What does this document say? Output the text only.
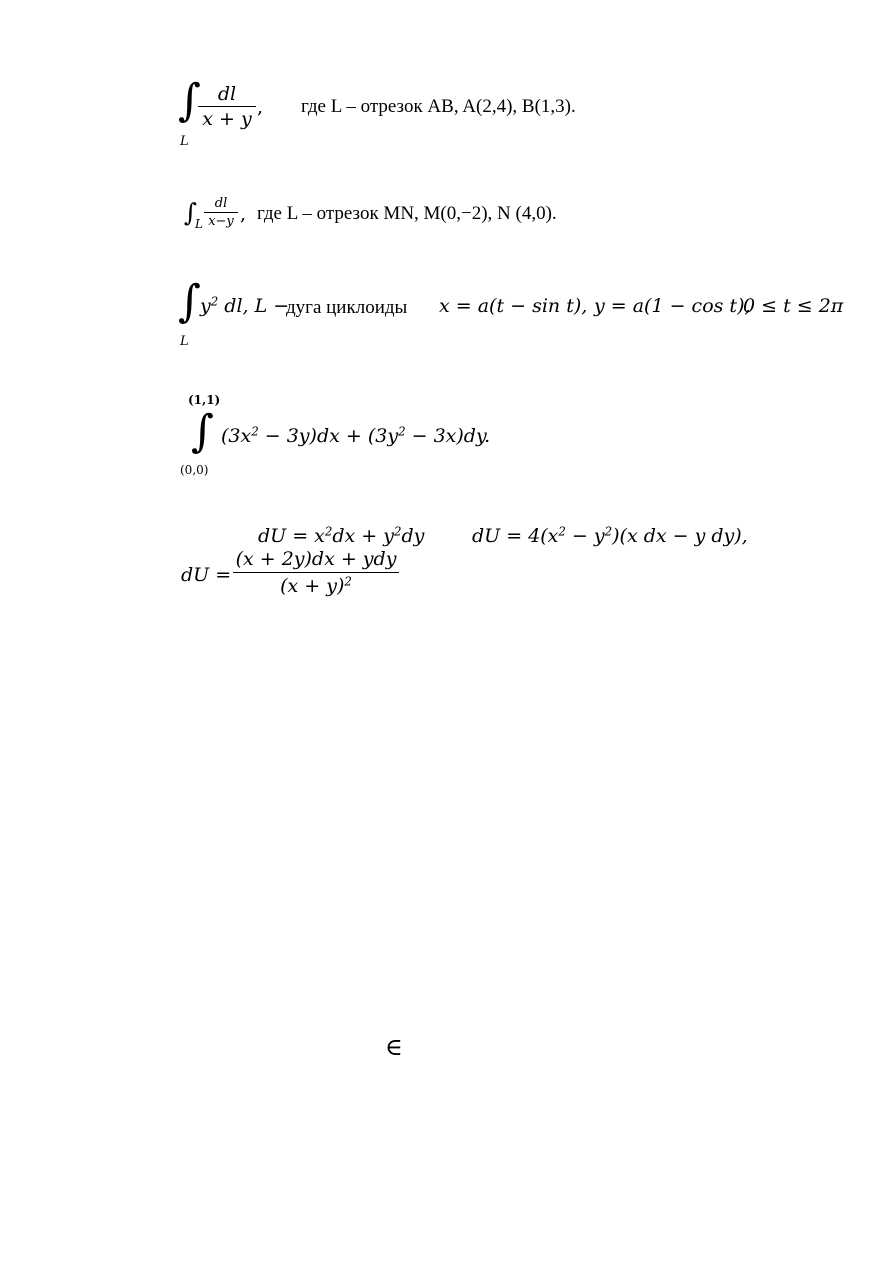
∫
L
dl
x + y
, где L – отрезок AB, A(2,4), B(1,3).
∫
L
dl
x−y , где L – отрезок MN, M(0,−2), N (4,0).
∫
L
$y^2$ dl, L −
дуга циклоиды x = a(t − sin t), y = a(1 − cos t),
0 ≤ t ≤ 2π
(1,1)
∫
(0,0)
$(3x^2 - 3y)dx + (3y^2 - 3x)dy$.
dU = $x^2dx + y^2dy$	dU = $4(x^2 - y^2)(x$ dx − y dy),
dU =
(x + 2y)dx + ydy
$(x + y)^2$
∈
